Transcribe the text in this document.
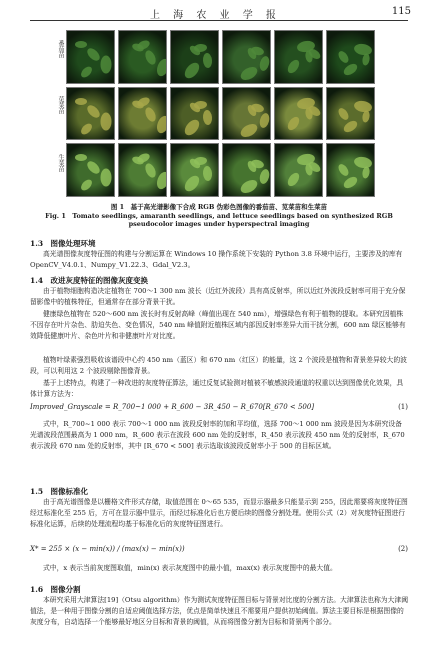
上 海 农 业 学 报	115
番茄苗
苋菜苗
生菜苗
图 1　基于高光谱影像下合成 RGB 伪彩色图像的番茄苗、苋菜苗和生菜苗
Fig. 1　Tomato seedlings, amaranth seedlings, and lettuce seedlings based on synthesized RGB pseudocolor images under hyperspectral imaging
1.3　图像处理环境
高光谱图像灰度特征图的构建与分割运算在 Windows 10 操作系统下安装的 Python 3.8 环境中运行，主要涉及的库有 OpenCV_V4.0.1、Numpy_V1.22.3、Gdal_V2.3。
1.4　改进灰度特征的图像灰度变换
由于植物细胞构造决定植物在 700～1 300 nm 波长（近红外波段）具有高反射率，所以近红外波段反射率可用于充分保留影像中的植株特征，但通常存在部分背景干扰。
健康绿色植物在 520～600 nm 波长时有反射高峰（峰值出现在 540 nm），增强绿色有利于植物的提取。本研究因植株不因存在叶片杂色、肋迫失色、变色情况，540 nm 峰值附近植株区域内部因反射率差异大而干扰分割，600 nm 绿区能够有效降低健康叶片、杂色叶片和非健康叶片对比度。
植物叶绿素强烈吸收该谱段中心约 450 nm（蓝区）和 670 nm（红区）的能量，这 2 个波段是植物和背景差异较大的波段，可以利用这 2 个波段剔除图像背景。
基于上述特点，构建了一种改进的灰度特征算法，通过反复试验测对植被不敏感波段通道的权重以达到图像优化效果，具体计算方法为：
Improved_Grayscale = R_700~1 000 + R_600 − 3R_450 − R_670[R_670 < 500]	(1)
式中，R_700~1 000 表示 700～1 000 nm 波段反射率的加和平均值，选择 700～1 000 nm 波段是因为本研究设备光谱波段范围最高为 1 000 nm，R_600 表示在波段 600 nm 处的反射率，R_450 表示波段 450 nm 处的反射率，R_670 表示波段 670 nm 处的反射率，其中 [R_670 < 500] 表示选取该波段反射率小于 500 的目标区域。
1.5　图像标准化
由于高光谱图像是以栅格文件形式存储，取值范围在 0～65 535，而显示器最多只能显示到 255，因此需要将灰度特征图经过标准化至 255 后，方可在显示器中显示，而经过标准化后也方便后续的图像分割处理。使用公式（2）对灰度特征图进行标准化运算，后续的处理流程均基于标准化后的灰度特征图进行。
X* = 255 × (x − min(x)) / (max(x) − min(x))	(2)
式中，x 表示当前灰度图取值，min(x) 表示灰度图中的最小值，max(x) 表示灰度图中的最大值。
1.6　图像分割
本研究采用大津算法[19]（Otsu algorithm）作为测试灰度特征图目标与背景对比度的分割方法。大津算法也称为大津阈值法，是一种用于图像分割的自适应阈值选择方法，优点是简单快速且不需要用户提供初始阈值。算法主要目标是根据图像的灰度分布，自动选择一个能够最好地区分目标和背景的阈值，从而将图像分割为目标和背景两个部分。
